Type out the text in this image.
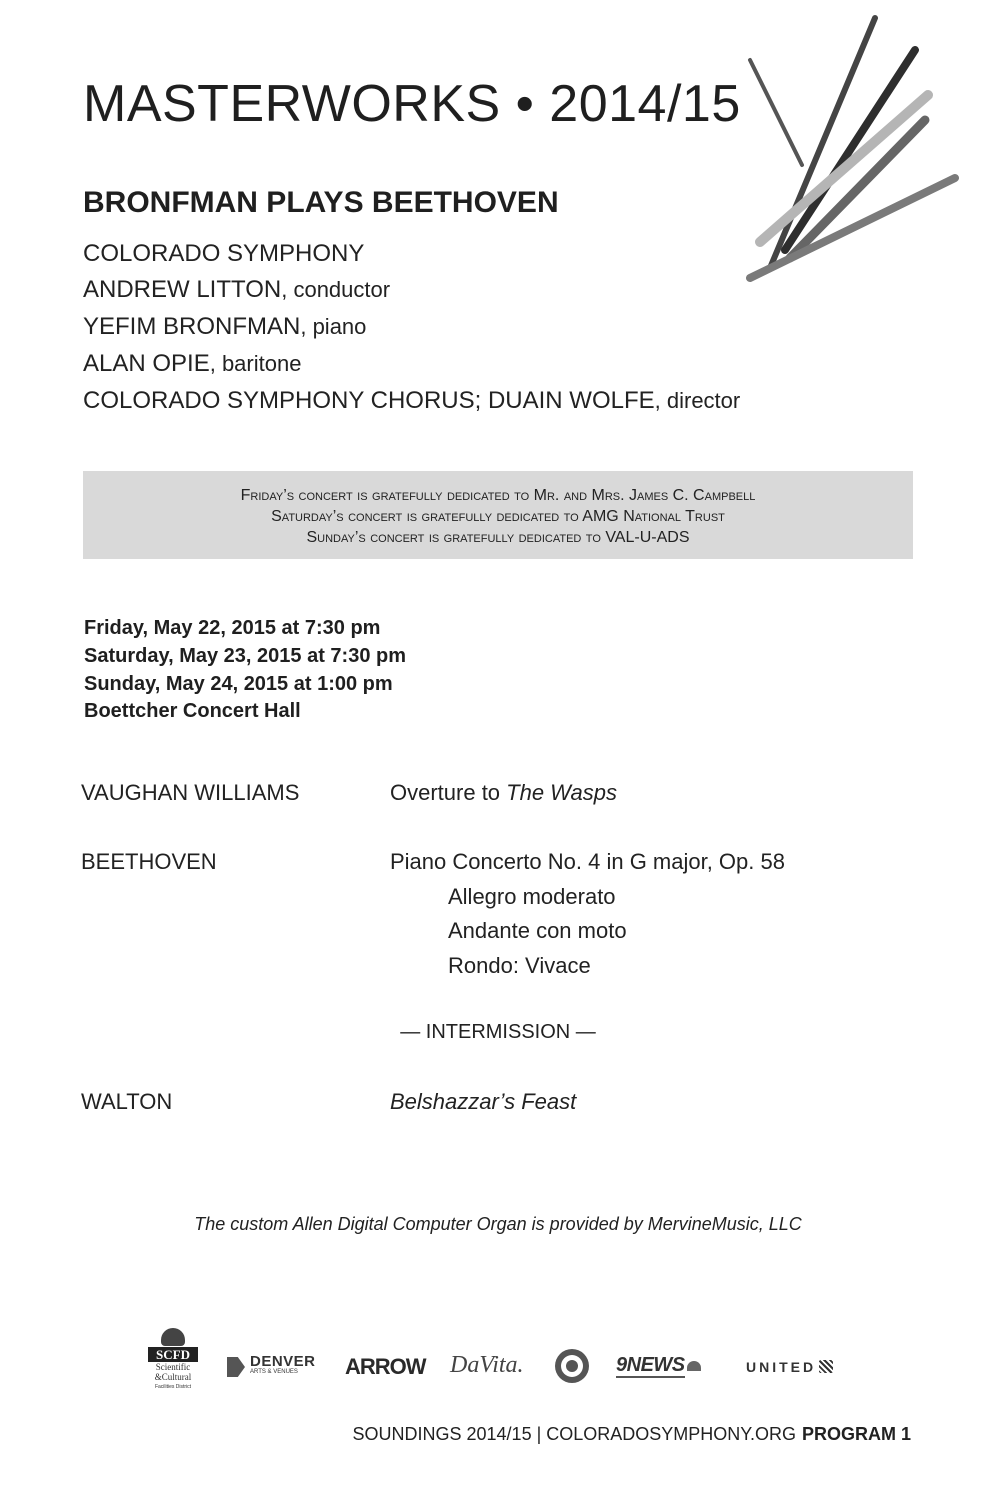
MASTERWORKS • 2014/15
BRONFMAN PLAYS BEETHOVEN
COLORADO SYMPHONY
ANDREW LITTON, conductor
YEFIM BRONFMAN, piano
ALAN OPIE, baritone
COLORADO SYMPHONY CHORUS; DUAIN WOLFE, director
Friday’s concert is gratefully dedicated to Mr. and Mrs. James C. Campbell
Saturday’s concert is gratefully dedicated to AMG National Trust
Sunday’s concert is gratefully dedicated to VAL-U-ADS
Friday, May 22, 2015 at 7:30 pm
Saturday, May 23, 2015 at 7:30 pm
Sunday, May 24, 2015 at 1:00 pm
Boettcher Concert Hall
VAUGHAN WILLIAMS	Overture to The Wasps
BEETHOVEN	Piano Concerto No. 4 in G major, Op. 58
Allegro moderato
Andante con moto
Rondo: Vivace
— INTERMISSION —
WALTON	Belshazzar’s Feast
The custom Allen Digital Computer Organ is provided by MervineMusic, LLC
SCFD
Scientific
&Cultural
Facilities District
DENVER
ARTS & VENUES	ARROW DaVita.	9NEWS	UNITED
SOUNDINGS 2014/15 | COLORADOSYMPHONY.ORG PROGRAM 1
